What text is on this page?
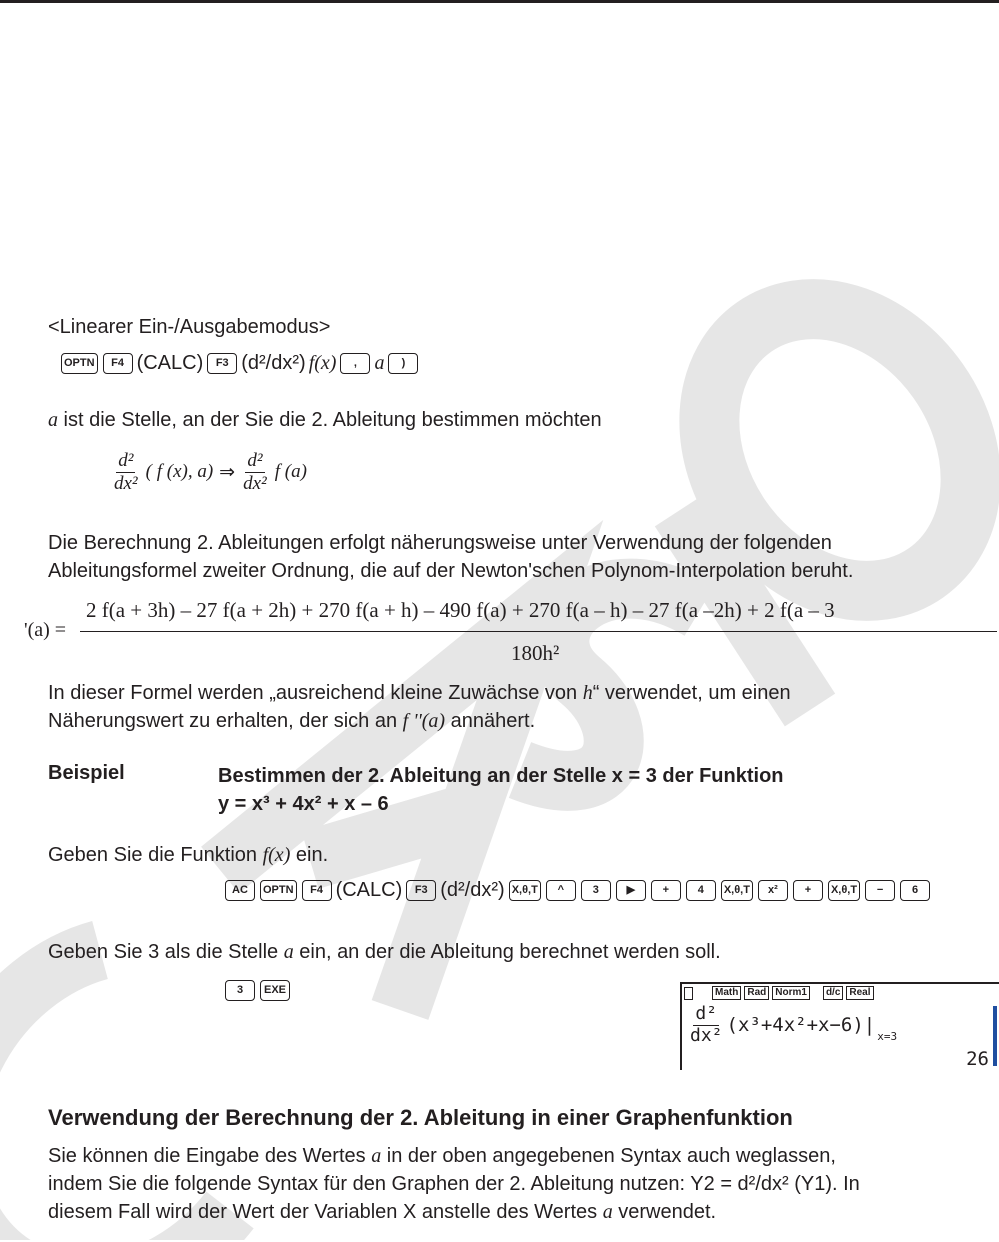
<Linearer Ein-/Ausgabemodus>
OPTN	F4 (CALC)	F3 (d²/dx²) f(x)	, a	)
a ist die Stelle, an der Sie die 2. Ableitung bestimmen möchten
$\frac{\text{d²}}{\text{dx²}}$ ( f (x), a) ⇒ $\frac{\text{d²}}{\text{dx²}}$ f (a)
Die Berechnung 2. Ableitungen erfolgt näherungsweise unter Verwendung der folgenden
Ableitungsformel zweiter Ordnung, die auf der Newton'schen Polynom-Interpolation beruht.
'(a) =
2 f(a + 3h) – 27 f(a + 2h) + 270 f(a + h) – 490 f(a) + 270 f(a – h) – 27 f(a –2h) + 2 f(a – 3
180h²
In dieser Formel werden „ausreichend kleine Zuwächse von h“ verwendet, um einen
Näherungswert zu erhalten, der sich an f ''(a) annähert.
Beispiel	Bestimmen der 2. Ableitung an der Stelle x = 3 der Funktion
y = x³ + 4x² + x – 6
Geben Sie die Funktion f(x) ein.
AC	OPTN	F4 (CALC)	F3 (d²/dx²) X,θ,T	^	3	▶	+	4	X,θ,T	x²	+	X,θ,T	−	6
Geben Sie 3 als die Stelle a ein, an der die Ableitung berechnet werden soll.
3	EXE	Math Rad Norm1	d/c Real
$\frac{\text{d²}}{\text{dx²}} (x^3+4x^2+x-6)|$ x=3
26
Verwendung der Berechnung der 2. Ableitung in einer Graphenfunktion
Sie können die Eingabe des Wertes a in der oben angegebenen Syntax auch weglassen,
indem Sie die folgende Syntax für den Graphen der 2. Ableitung nutzen: Y2 = d²/dx² (Y1). In
diesem Fall wird der Wert der Variablen X anstelle des Wertes a verwendet.
